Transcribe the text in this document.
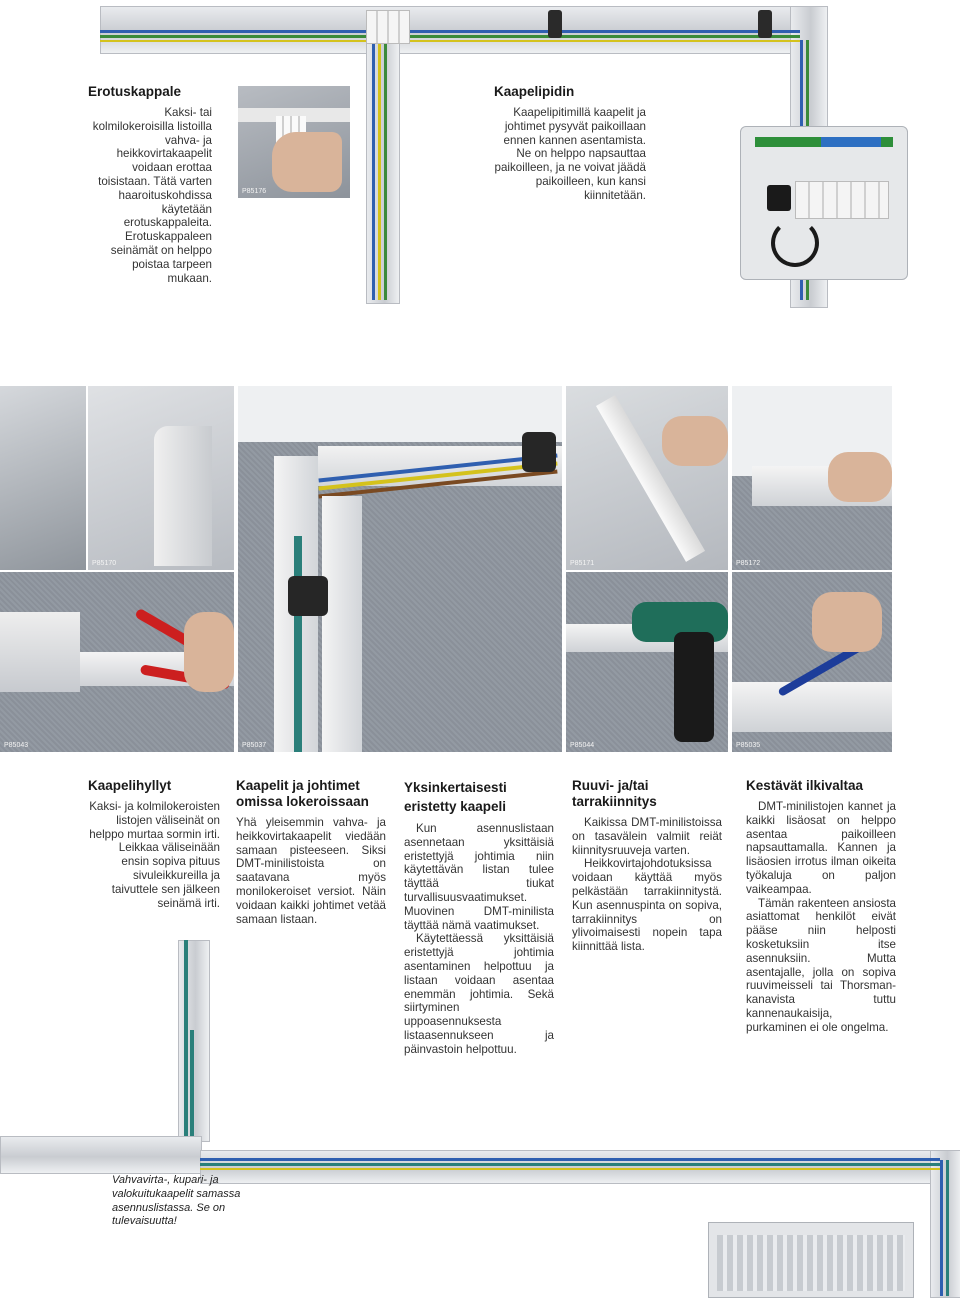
Erotuskappale

Kaksi- tai kolmilokeroisilla listoilla vahva- ja heikkovirtakaapelit voidaan erottaa toisistaan. Tätä varten haaroituskohdissa käytetään erotuskappaleita. Erotuskappaleen seinämät on helppo poistaa tarpeen mukaan.

P85176
Kaapelipidin

Kaapelipitimillä kaapelit ja johtimet pysyvät paikoillaan ennen kannen asentamista. Ne on helppo napsauttaa paikoilleen, ja ne voivat jäädä paikoilleen, kun kansi kiinnitetään.

P85170
P85037
P85171	P85172
P85043	P85044	P85035
Kaapelihyllyt

Kaksi- ja kolmilokeroisten listojen väliseinät on helppo murtaa sormin irti. Leikkaa väliseinään ensin sopiva pituus sivuleikkureilla ja taivuttele sen jälkeen seinämä irti.

Kaapelit ja johtimet omissa lokeroissaan

Yhä yleisemmin vahva- ja heikkovirtakaapelit viedään samaan pisteeseen. Siksi DMT-minilistoista on saatavana myös monilokeroiset versiot. Näin voidaan kaikki johtimet vetää samaan listaan.

Yksinkertaisesti eristetty kaapeli

Kun asennuslistaan asennetaan yksittäisiä eristettyjä johtimia niin käytettävän listan tulee täyttää tiukat turvallisuusvaatimukset. Muovinen DMT-minilista täyttää nämä vaatimukset.

Käytettäessä yksittäisiä eristettyjä johtimia asentaminen helpottuu ja listaan voidaan asentaa enemmän johtimia. Sekä siirtyminen uppoasennuksesta listaasennukseen ja päinvastoin helpottuu.

Ruuvi- ja/tai tarrakiinnitys

Kaikissa DMT-minilistoissa on tasavälein valmiit reiät kiinnitysruuveja varten.

Heikkovirtajohdotuksissa voidaan käyttää myös pelkästään tarrakiinnitystä. Kun asennuspinta on sopiva, tarrakiinnitys on ylivoimaisesti nopein tapa kiinnittää lista.

Kestävät ilkivaltaa

DMT-minilistojen kannet ja kaikki lisäosat on helppo asentaa paikoilleen napsauttamalla. Kannen ja lisäosien irrotus ilman oikeita työkaluja on paljon vaikeampaa.

Tämän rakenteen ansiosta asiattomat henkilöt eivät pääse niin helposti kosketuksiin itse asennuksiin. Mutta asentajalle, jolla on sopiva ruuvimeisseli tai Thorsman-kanavista tuttu kannenaukaisija, purkaminen ei ole ongelma.

Vahvavirta-, kupari- ja valokuitukaapelit samassa asennuslistassa. Se on tulevaisuutta!
